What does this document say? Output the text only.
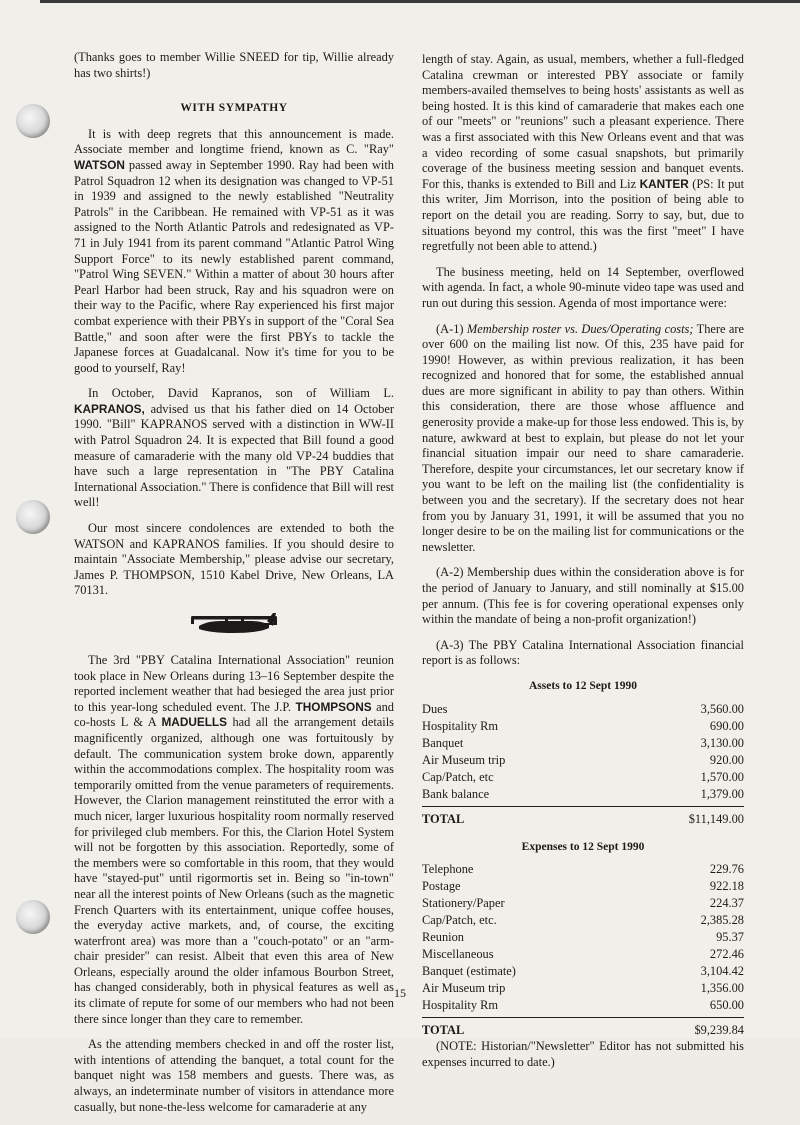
(Thanks goes to member Willie SNEED for tip, Willie already has two shirts!)

WITH SYMPATHY

It is with deep regrets that this announcement is made. Associate member and longtime friend, known as C. "Ray" WATSON passed away in September 1990. Ray had been with Patrol Squadron 12 when its designation was changed to VP-51 in 1939 and assigned to the newly established "Neutrality Patrols" in the Caribbean. He remained with VP-51 as it was assigned to the North Atlantic Patrols and redesignated as VP-71 in July 1941 from its parent command "Atlantic Patrol Wing Support Force" to its newly established parent command, "Patrol Wing SEVEN." Within a matter of about 30 hours after Pearl Harbor had been struck, Ray and his squadron were on their way to the Pacific, where Ray experienced his first major combat experience with their PBYs in support of the "Coral Sea Battle," and soon after were the first PBYs to tackle the Japanese forces at Guadalcanal. Now it's time for you to be good to yourself, Ray!

In October, David Kapranos, son of William L. KAPRANOS, advised us that his father died on 14 October 1990. "Bill" KAPRANOS served with a distinction in WW-II with Patrol Squadron 24. It is expected that Bill found a good measure of camaraderie with the many old VP-24 buddies that have such a large representation in "The PBY Catalina International Association." There is confidence that Bill will rest well!

Our most sincere condolences are extended to both the WATSON and KAPRANOS families. If you should desire to maintain "Associate Membership," please advise our secretary, James P. THOMPSON, 1510 Kabel Drive, New Orleans, LA 70131.

The 3rd "PBY Catalina International Association" reunion took place in New Orleans during 13–16 September despite the reported inclement weather that had besieged the area just prior to this year-long scheduled event. The J.P. THOMPSONS and co-hosts L & A MADUELLS had all the arrangement details magnificently organized, although one was fortuitously by default. The communication system broke down, apparently within the accommodations complex. The hospitality room was temporarily omitted from the venue parameters of requirements. However, the Clarion management reinstituted the error with a much nicer, larger luxurious hospitality room normally reserved for privileged club members. For this, the Clarion Hotel System will not be forgotten by this association. Reportedly, some of the members were so comfortable in this room, that they would have "stayed-put" until rigormortis set in. Being so "in-town" near all the interest points of New Orleans (such as the magnetic French Quarters with its entertainment, unique coffee houses, the everyday active markets, and, of course, the exciting waterfront area) was more than a "couch-potato" or an "arm-chair presider" can resist. Albeit that even this area of New Orleans, especially around the older infamous Bourbon Street, has changed considerably, both in physical features as well as its climate of repute for some of our members who had not been there since longer than they care to remember.

As the attending members checked in and off the roster list, with intentions of attending the banquet, a total count for the banquet night was 158 members and guests. There was, as always, an indeterminate number of visitors in attendance more casually, but none-the-less welcome for camaraderie at any

length of stay. Again, as usual, members, whether a full-fledged Catalina crewman or interested PBY associate or family members-availed themselves to being hosts' assistants as well as being hosted. It is this kind of camaraderie that makes each one of our "meets" or "reunions" such a pleasant experience. There was a first associated with this New Orleans event and that was a video recording of some casual snapshots, but primarily coverage of the business meeting session and banquet events. For this, thanks is extended to Bill and Liz KANTER (PS: It put this writer, Jim Morrison, into the position of being able to report on the detail you are reading. Sorry to say, but, due to situations beyond my control, this was the first "meet" I have regretfully not been able to attend.)

The business meeting, held on 14 September, overflowed with agenda. In fact, a whole 90-minute video tape was used and run out during this session. Agenda of most importance were:

(A-1) Membership roster vs. Dues/Operating costs; There are over 600 on the mailing list now. Of this, 235 have paid for 1990! However, as within previous realization, it has been recognized and honored that for some, the established annual dues are more significant in ability to pay than others. Within this consideration, there are those whose affluence and generosity provide a make-up for those less endowed. This is, by nature, awkward at best to explain, but please do not let your financial situation impair our need to share camaraderie. Therefore, despite your circumstances, let our secretary know if you want to be left on the mailing list (the confidentiality is between you and the secretary). If the secretary does not hear from you by January 31, 1991, it will be assumed that you no longer desire to be on the mailing list for communications or the newsletter.

(A-2) Membership dues within the consideration above is for the period of January to January, and still nominally at $15.00 per annum. (This fee is for covering operational expenses only within the mandate of being a non-profit organization!)

(A-3) The PBY Catalina International Association financial report is as follows:

Assets to 12 Sept 1990
Dues	3,560.00
Hospitality Rm	690.00
Banquet	3,130.00
Air Museum trip	920.00
Cap/Patch, etc	1,570.00
Bank balance	1,379.00
TOTAL	$11,149.00
Expenses to 12 Sept 1990
Telephone	229.76
Postage	922.18
Stationery/Paper	224.37
Cap/Patch, etc.	2,385.28
Reunion	95.37
Miscellaneous	272.46
Banquet (estimate)	3,104.42
Air Museum trip	1,356.00
Hospitality Rm	650.00
TOTAL	$9,239.84

(NOTE: Historian/"Newsletter" Editor has not submitted his expenses incurred to date.)

15
